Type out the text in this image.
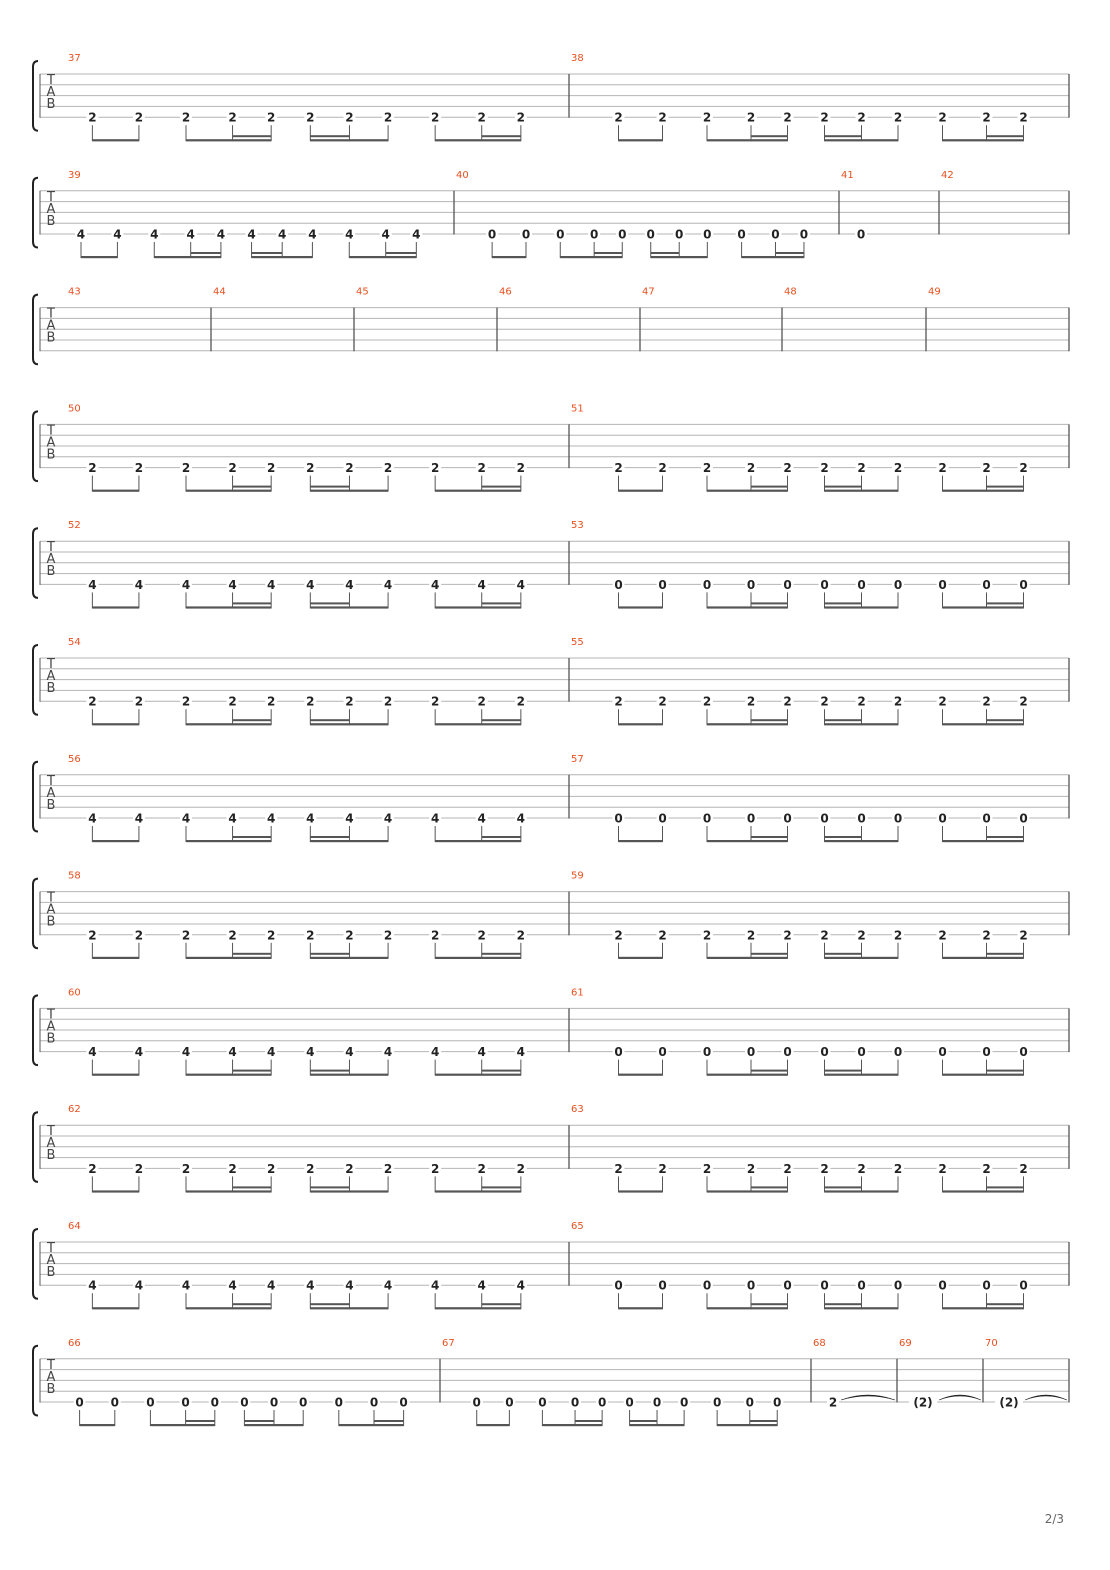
T
A
B
37
2	2	2	2	2	2	2	2	2	2	2
38
2	2	2	2 2 2 2 2	2	2 2
T
A
B
39
4 4 4 4 4 4 4 4 4 4 4
40
0 0 0 0 0 0 0 0 0 0 0
41
0
42
T
A
B
43	44	45	46	47	48	49
T
A
B
50
2	2	2	2	2	2	2	2	2	2	2
51
2	2	2	2 2 2 2 2	2	2 2
T
A
B
52
4	4	4	4	4	4	4	4	4	4	4
53
0	0	0	0 0 0 0 0	0	0 0
T
A
B
54
2	2	2	2	2	2	2	2	2	2	2
55
2	2	2	2 2 2 2 2	2	2 2
T
A
B
56
4	4	4	4	4	4	4	4	4	4	4
57
0	0	0	0 0 0 0 0	0	0 0
T
A
B
58
2	2	2	2	2	2	2	2	2	2	2
59
2	2	2	2 2 2 2 2	2	2 2
T
A
B
60
4	4	4	4	4	4	4	4	4	4	4
61
0	0	0	0 0 0 0 0	0	0 0
T
A
B
62
2	2	2	2	2	2	2	2	2	2	2
63
2	2	2	2 2 2 2 2	2	2 2
T
A
B
64
4	4	4	4	4	4	4	4	4	4	4
65
0	0	0	0 0 0 0 0	0	0 0
T
A
B
66
0 0 0 0 0 0 0 0 0 0 0
67
0 0 0 0 0 0 0 0 0 0 0
68
2
69
(2)
70
(2)
2/3
